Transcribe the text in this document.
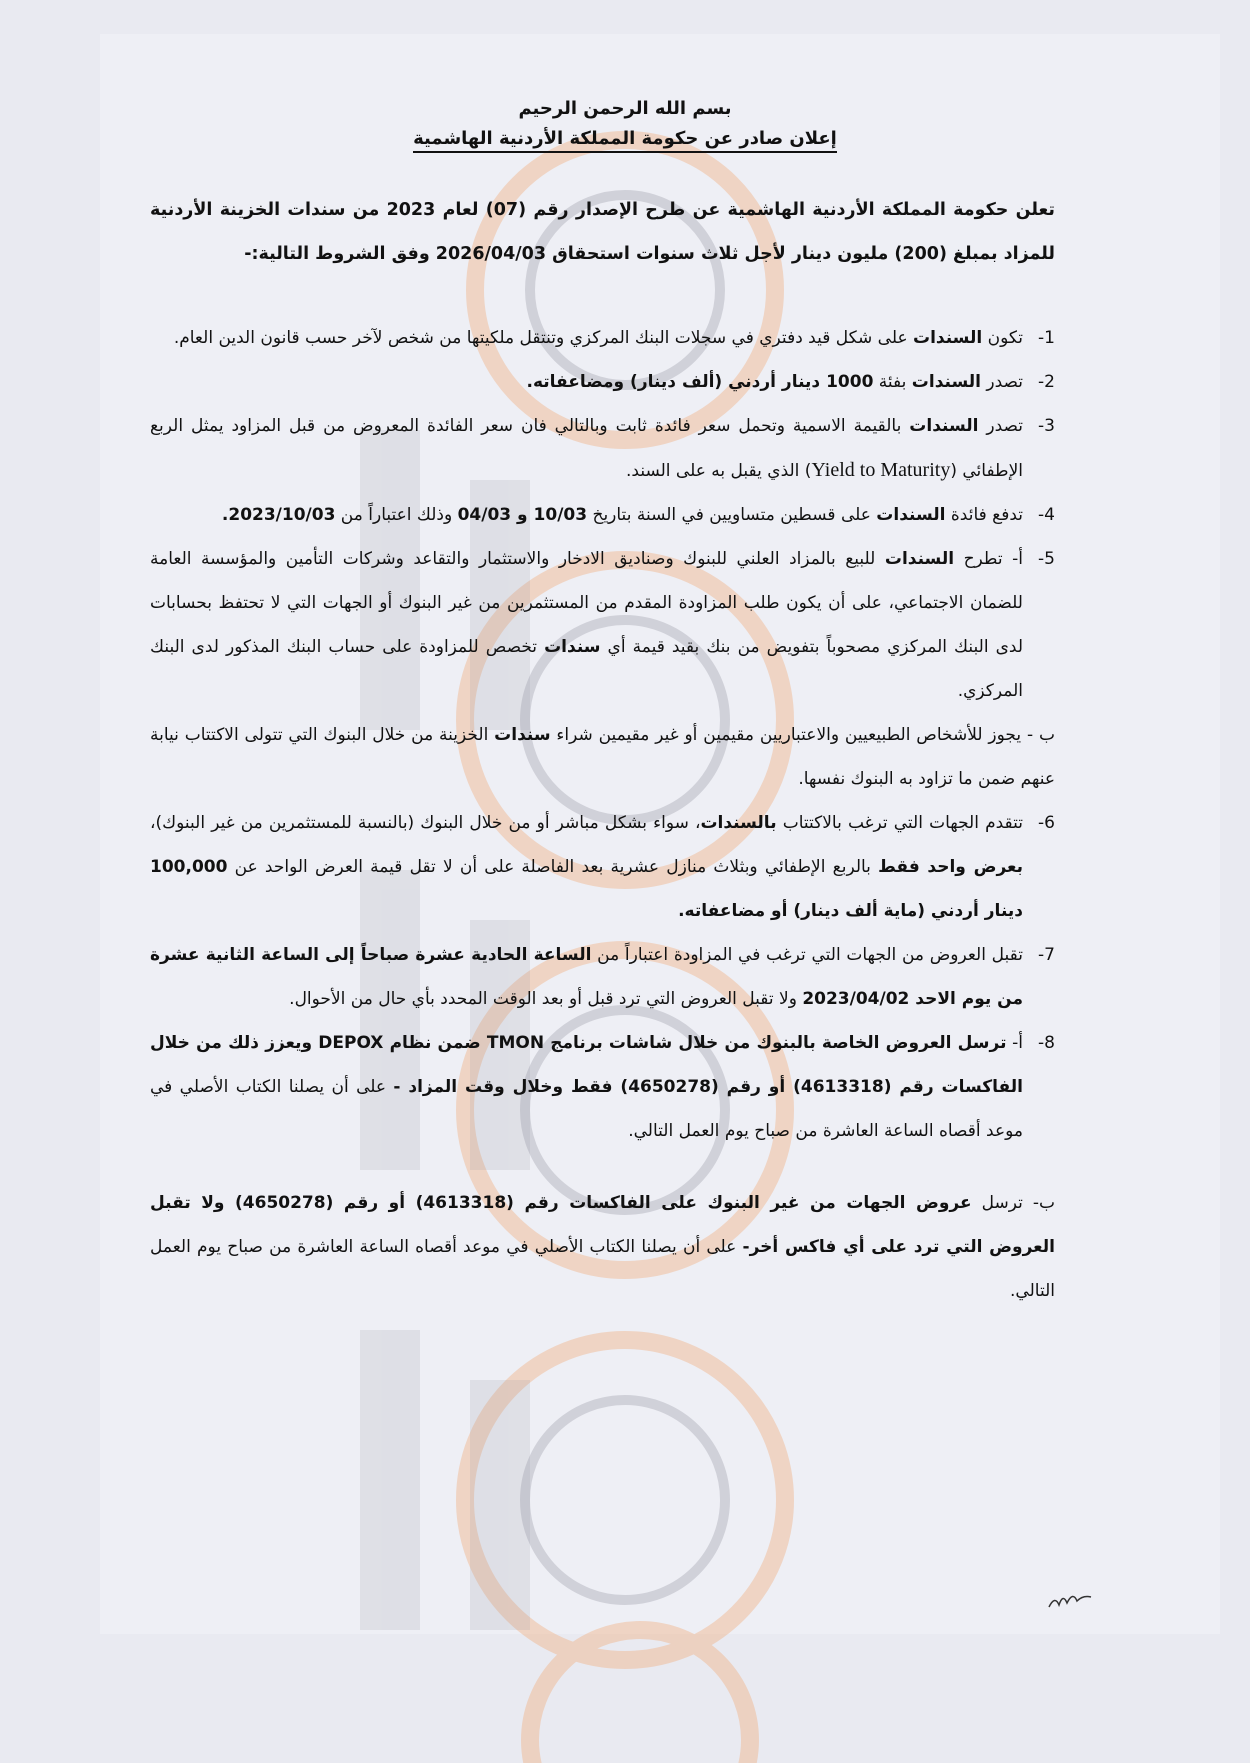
بسم الله الرحمن الرحيم
إعلان صادر عن حكومة المملكة الأردنية الهاشمية
تعلن حكومة المملكة الأردنية الهاشمية عن طرح الإصدار رقم (07) لعام 2023 من سندات الخزينة الأردنية للمزاد بمبلغ (200) مليون دينار لأجل ثلاث سنوات استحقاق 2026/04/03 وفق الشروط التالية:-
1-
تكون السندات على شكل قيد دفتري في سجلات البنك المركزي وتنتقل ملكيتها من شخص لآخر حسب قانون الدين العام.
2-
تصدر السندات بفئة 1000 دينار أردني (ألف دينار) ومضاعفاته.
3-
تصدر السندات بالقيمة الاسمية وتحمل سعر فائدة ثابت وبالتالي فان سعر الفائدة المعروض من قبل المزاود يمثل الربع الإطفائي (Yield to Maturity) الذي يقبل به على السند.
4-
تدفع فائدة السندات على قسطين متساويين في السنة بتاريخ 10/03 و 04/03 وذلك اعتباراً من 2023/10/03.
5-
أ- تطرح السندات للبيع بالمزاد العلني للبنوك وصناديق الادخار والاستثمار والتقاعد وشركات التأمين والمؤسسة العامة للضمان الاجتماعي، على أن يكون طلب المزاودة المقدم من المستثمرين من غير البنوك أو الجهات التي لا تحتفظ بحسابات لدى البنك المركزي مصحوباً بتفويض من بنك بقيد قيمة أي سندات تخصص للمزاودة على حساب البنك المذكور لدى البنك المركزي.
ب - يجوز للأشخاص الطبيعيين والاعتباريين مقيمين أو غير مقيمين شراء سندات الخزينة من خلال البنوك التي تتولى الاكتتاب نيابة عنهم ضمن ما تزاود به البنوك نفسها.
6-
تتقدم الجهات التي ترغب بالاكتتاب بالسندات، سواء بشكل مباشر أو من خلال البنوك (بالنسبة للمستثمرين من غير البنوك)، بعرض واحد فقط بالربع الإطفائي وبثلاث منازل عشرية بعد الفاصلة على أن لا تقل قيمة العرض الواحد عن 100,000 دينار أردني (ماية ألف دينار) أو مضاعفاته.
7-
تقبل العروض من الجهات التي ترغب في المزاودة اعتباراً من الساعة الحادية عشرة صباحاً إلى الساعة الثانية عشرة من يوم الاحد 2023/04/02 ولا تقبل العروض التي ترد قبل أو بعد الوقت المحدد بأي حال من الأحوال.
8-
أ- ترسل العروض الخاصة بالبنوك من خلال شاشات برنامج TMON ضمن نظام DEPOX ويعزز ذلك من خلال الفاكسات رقم (4613318) أو رقم (4650278) فقط وخلال وقت المزاد - على أن يصلنا الكتاب الأصلي في موعد أقصاه الساعة العاشرة من صباح يوم العمل التالي.
ب- ترسل عروض الجهات من غير البنوك على الفاكسات رقم (4613318) أو رقم (4650278) ولا تقبل العروض التي ترد على أي فاكس أخر- على أن يصلنا الكتاب الأصلي في موعد أقصاه الساعة العاشرة من صباح يوم العمل التالي.
